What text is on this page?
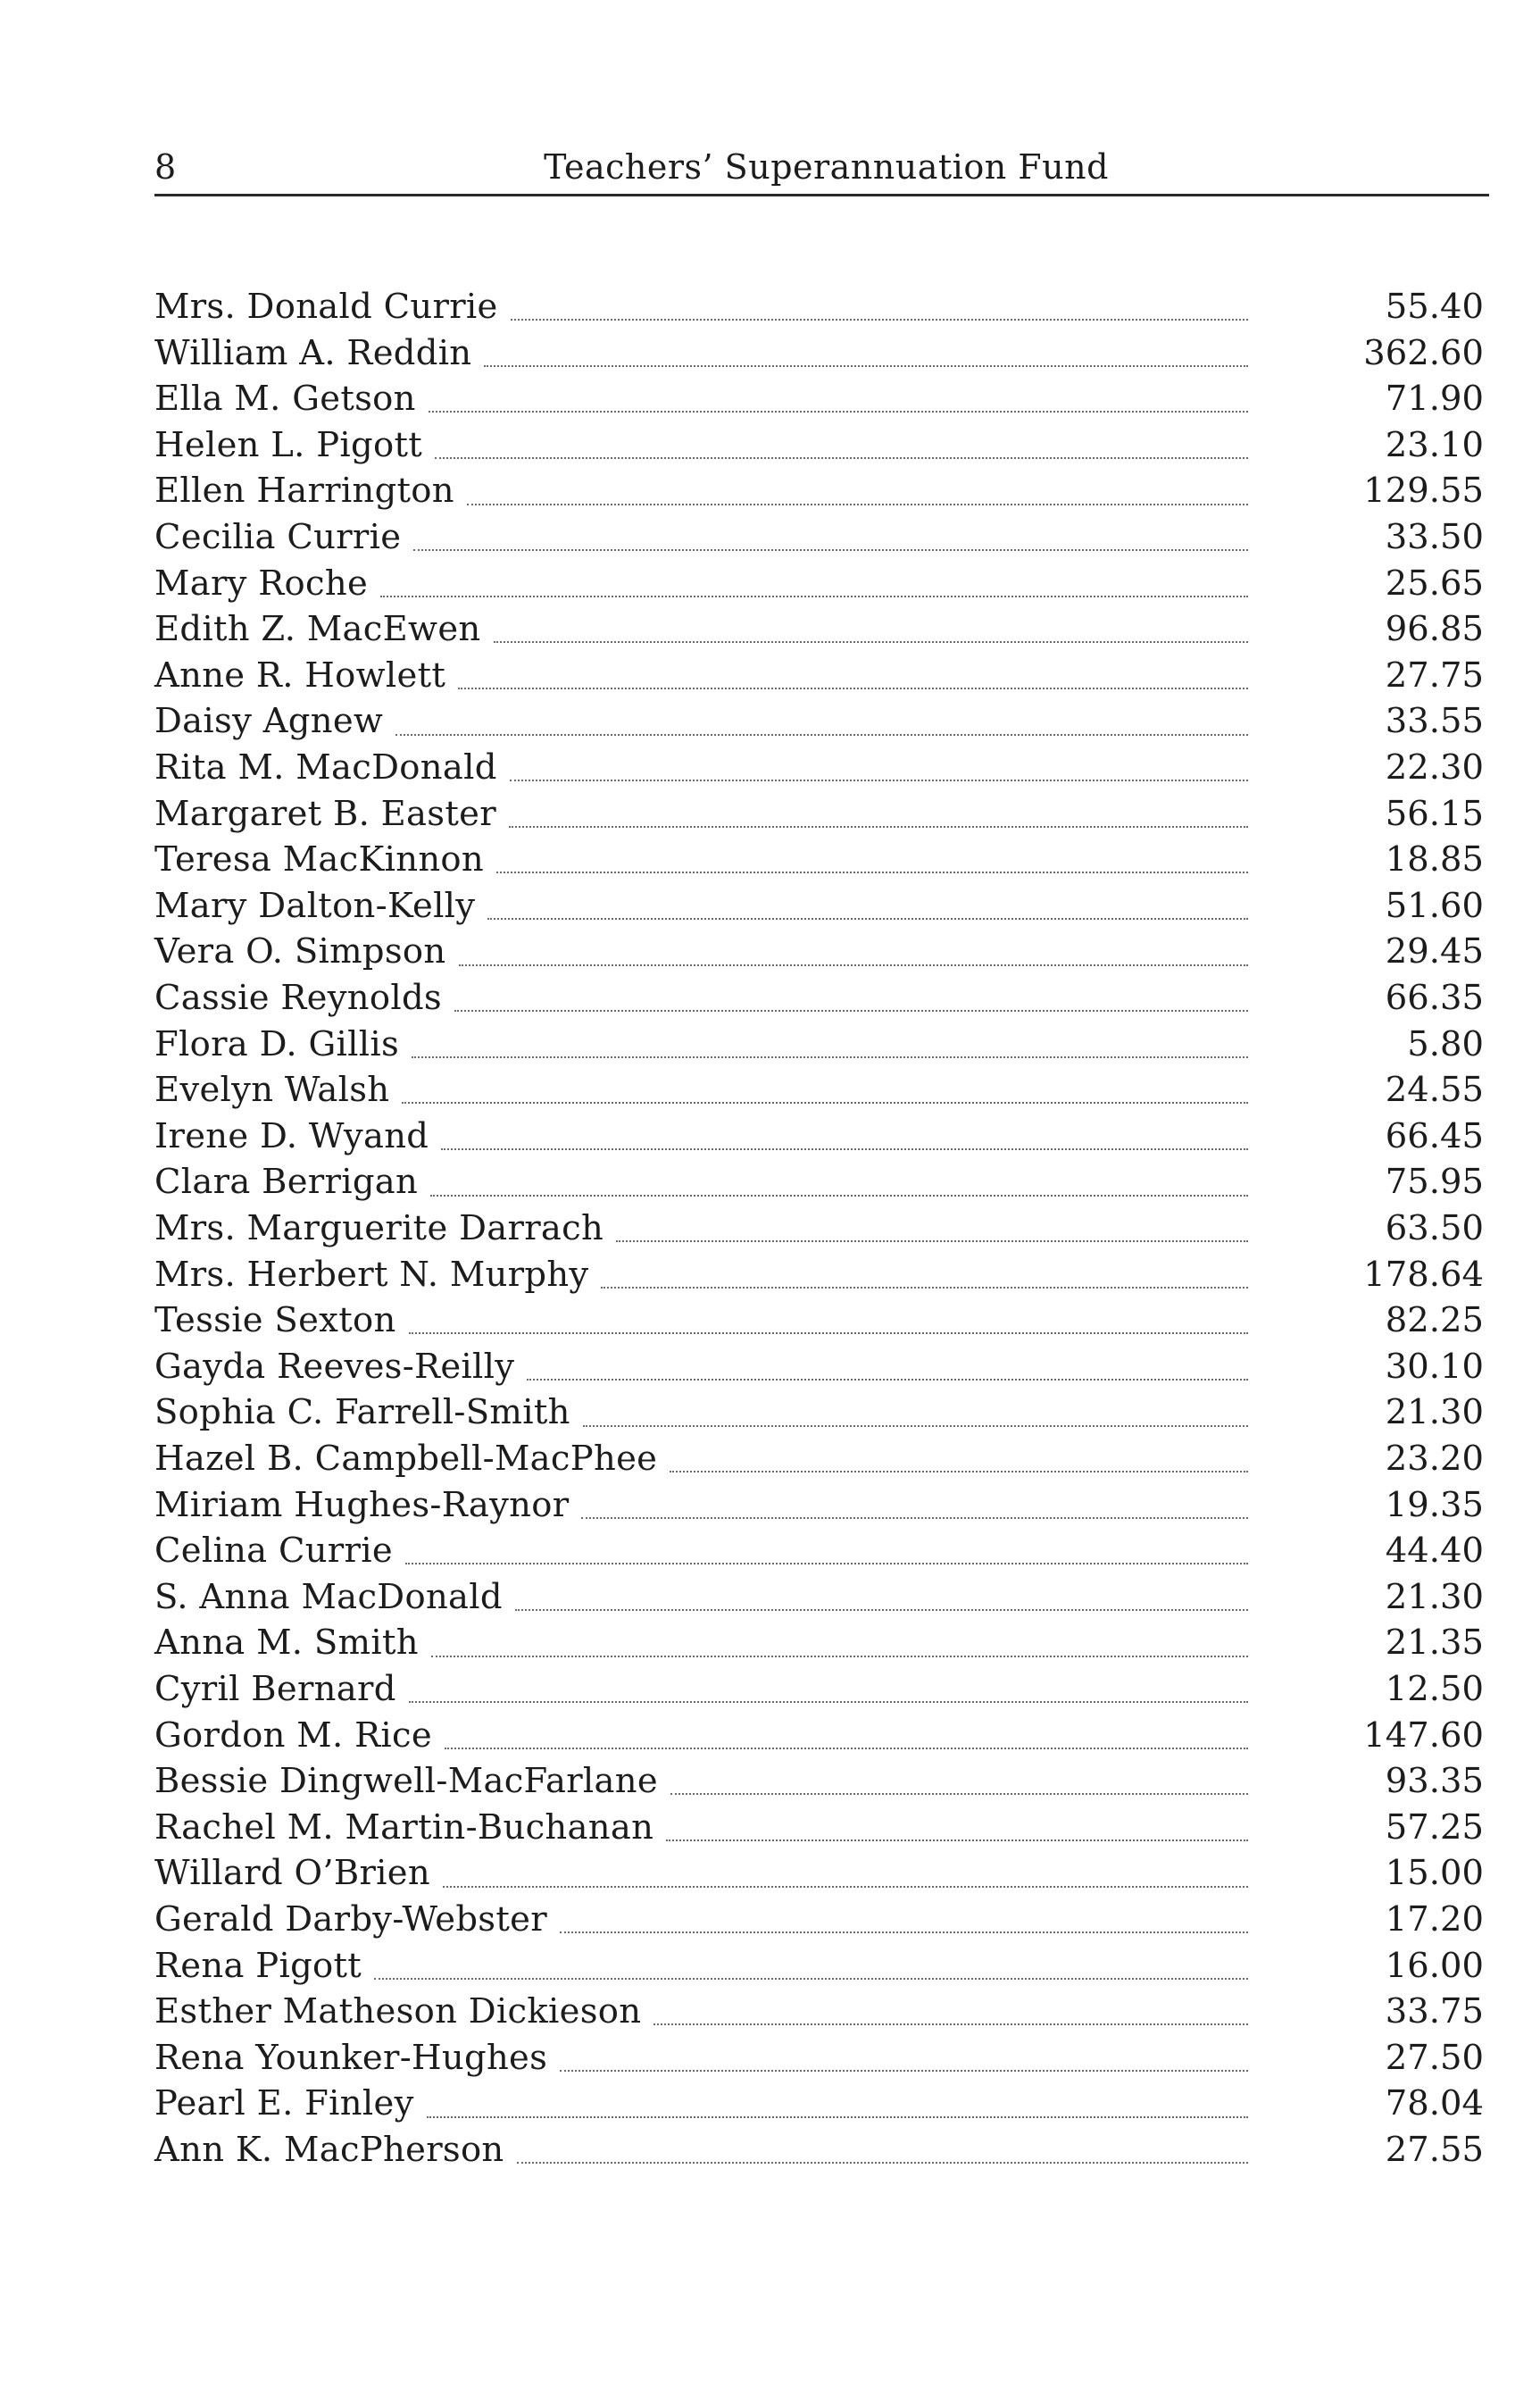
8	Teachers’ Superannuation Fund
Mrs. Donald Currie	55.40
William A. Reddin	362.60
Ella M. Getson	71.90
Helen L. Pigott	23.10
Ellen Harrington	129.55
Cecilia Currie	33.50
Mary Roche	25.65
Edith Z. MacEwen	96.85
Anne R. Howlett	27.75
Daisy Agnew	33.55
Rita M. MacDonald	22.30
Margaret B. Easter	56.15
Teresa MacKinnon	18.85
Mary Dalton-Kelly	51.60
Vera O. Simpson	29.45
Cassie Reynolds	66.35
Flora D. Gillis	5.80
Evelyn Walsh	24.55
Irene D. Wyand	66.45
Clara Berrigan	75.95
Mrs. Marguerite Darrach	63.50
Mrs. Herbert N. Murphy	178.64
Tessie Sexton	82.25
Gayda Reeves-Reilly	30.10
Sophia C. Farrell-Smith	21.30
Hazel B. Campbell-MacPhee	23.20
Miriam Hughes-Raynor	19.35
Celina Currie	44.40
S. Anna MacDonald	21.30
Anna M. Smith	21.35
Cyril Bernard	12.50
Gordon M. Rice	147.60
Bessie Dingwell-MacFarlane	93.35
Rachel M. Martin-Buchanan	57.25
Willard O’Brien	15.00
Gerald Darby-Webster	17.20
Rena Pigott	16.00
Esther Matheson Dickieson	33.75
Rena Younker-Hughes	27.50
Pearl E. Finley	78.04
Ann K. MacPherson	27.55
